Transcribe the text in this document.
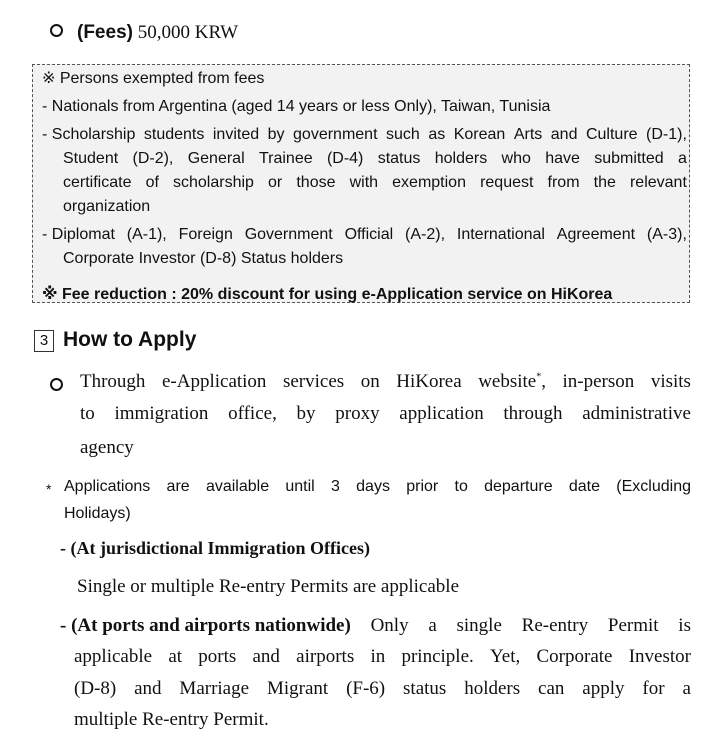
(Fees) 50,000 KRW
※ Persons exempted from fees
- Nationals from Argentina (aged 14 years or less Only), Taiwan, Tunisia
- Scholarship students invited by government such as Korean Arts and Culture (D-1),
Student (D-2), General Trainee (D-4) status holders who have submitted a
certificate of scholarship or those with exemption request from the relevant
organization
- Diplomat (A-1), Foreign Government Official (A-2), International Agreement (A-3),
Corporate Investor (D-8) Status holders
※ Fee reduction : 20% discount for using e-Application service on HiKorea
3 How to Apply
Through e-Application services on HiKorea website*, in-person visits
to immigration office, by proxy application through administrative
agency
* Applications are available until 3 days prior to departure date (Excluding
Holidays)
- (At jurisdictional Immigration Offices)
Single or multiple Re-entry Permits are applicable
- (At ports and airports nationwide) Only a single Re-entry Permit is
applicable at ports and airports in principle. Yet, Corporate Investor
(D-8) and Marriage Migrant (F-6) status holders can apply for a
multiple Re-entry Permit.
